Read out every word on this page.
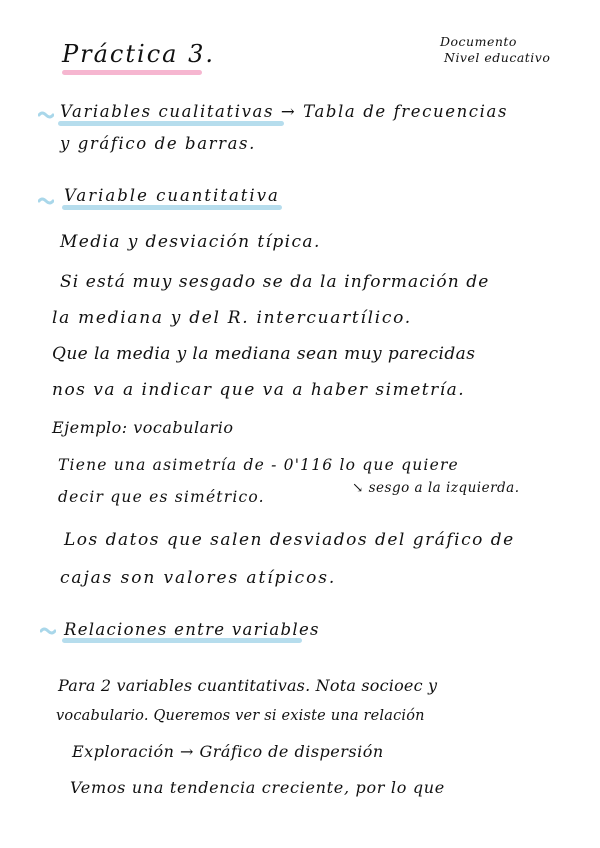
Práctica 3.	Documento
Nivel educativo
Variables cualitativas → Tabla de frecuencias
y gráfico de barras.
Variable cuantitativa
Media y desviación típica.
Si está muy sesgado se da la información de
la mediana y del R. intercuartílico.
Que la media y la mediana sean muy parecidas
nos va a indicar que va a haber simetría.
Ejemplo: vocabulario
Tiene una asimetría de - 0'116 lo que quiere
decir que es simétrico.	↘ sesgo a la izquierda.
Los datos que salen desviados del gráfico de
cajas son valores atípicos.
Relaciones entre variables
Para 2 variables cuantitativas. Nota socioec y
vocabulario. Queremos ver si existe una relación
Exploración → Gráfico de dispersión
Vemos una tendencia creciente, por lo que
